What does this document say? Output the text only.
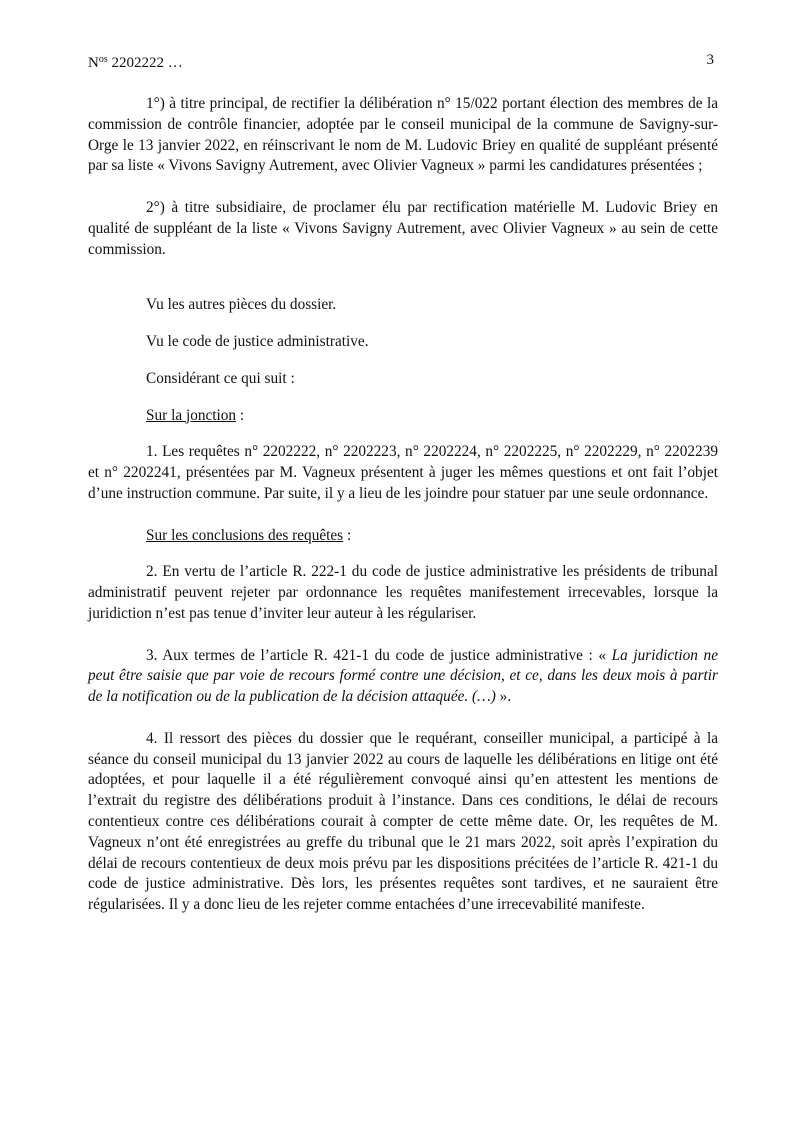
$N^{os}$ 2202222 …	3

1°) à titre principal, de rectifier la délibération n° 15/022 portant élection des membres de la commission de contrôle financier, adoptée par le conseil municipal de la commune de Savigny-sur-Orge le 13 janvier 2022, en réinscrivant le nom de M. Ludovic Briey en qualité de suppléant présenté par sa liste « Vivons Savigny Autrement, avec Olivier Vagneux » parmi les candidatures présentées ;

2°) à titre subsidiaire, de proclamer élu par rectification matérielle M. Ludovic Briey en qualité de suppléant de la liste « Vivons Savigny Autrement, avec Olivier Vagneux » au sein de cette commission.

Vu les autres pièces du dossier.

Vu le code de justice administrative.

Considérant ce qui suit :

Sur la jonction :

1. Les requêtes n° 2202222, n° 2202223, n° 2202224, n° 2202225, n° 2202229, n° 2202239 et n° 2202241, présentées par M. Vagneux présentent à juger les mêmes questions et ont fait l’objet d’une instruction commune. Par suite, il y a lieu de les joindre pour statuer par une seule ordonnance.

Sur les conclusions des requêtes :

2. En vertu de l’article R. 222-1 du code de justice administrative les présidents de tribunal administratif peuvent rejeter par ordonnance les requêtes manifestement irrecevables, lorsque la juridiction n’est pas tenue d’inviter leur auteur à les régulariser.

3. Aux termes de l’article R. 421-1 du code de justice administrative : « La juridiction ne peut être saisie que par voie de recours formé contre une décision, et ce, dans les deux mois à partir de la notification ou de la publication de la décision attaquée. (…) ».

4. Il ressort des pièces du dossier que le requérant, conseiller municipal, a participé à la séance du conseil municipal du 13 janvier 2022 au cours de laquelle les délibérations en litige ont été adoptées, et pour laquelle il a été régulièrement convoqué ainsi qu’en attestent les mentions de l’extrait du registre des délibérations produit à l’instance. Dans ces conditions, le délai de recours contentieux contre ces délibérations courait à compter de cette même date. Or, les requêtes de M. Vagneux n’ont été enregistrées au greffe du tribunal que le 21 mars 2022, soit après l’expiration du délai de recours contentieux de deux mois prévu par les dispositions précitées de l’article R. 421-1 du code de justice administrative. Dès lors, les présentes requêtes sont tardives, et ne sauraient être régularisées. Il y a donc lieu de les rejeter comme entachées d’une irrecevabilité manifeste.
